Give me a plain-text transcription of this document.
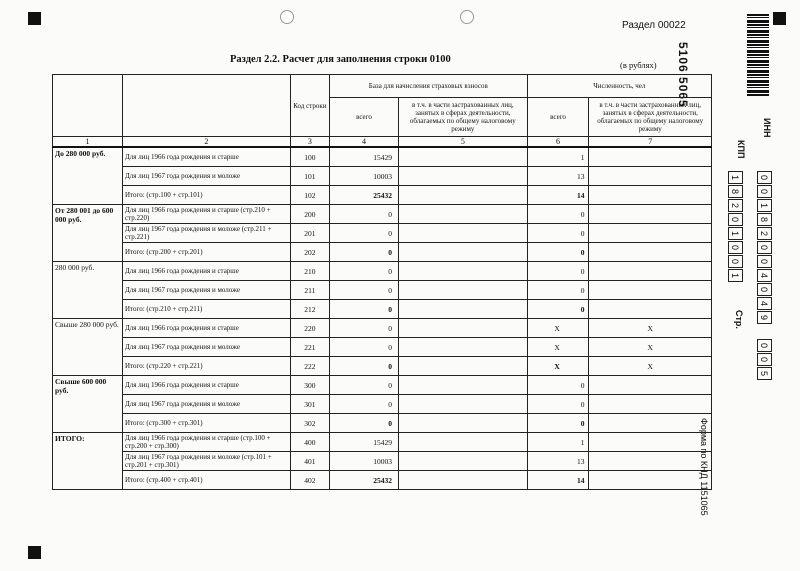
Раздел 00022
5106 5065
Раздел 2.2. Расчет для заполнения строки 0100	(в рублях)
ИНН
0
0
1
8
2
0
0
4
0
4
9
КПП
1
8
2
0
1
0
0
1
Стр.
0
0
5
Форма по КНД 1151065
		Код строки	База для начисления страховых взносов		Численность, чел	
			всего	в т.ч. в части застрахованных лиц, занятых в сферах деятельности, облагаемых по общему налоговому режиму	всего	в т.ч. в части застрахованных лиц, занятых в сферах деятельности, облагаемых по общему налоговому режиму
1	2	3	4	5	6	7
До 280 000 руб.	Для лиц 1966 года рождения и старше	100	15429		1	
	Для лиц 1967 года рождения и моложе	101	10003		13	
	Итого: (стр.100 + стр.101)	102	25432		14	
От 280 001 до 600 000 руб.	Для лиц 1966 года рождения и старше (стр.210 + стр.220)	200	0		0	
	Для лиц 1967 года рождения и моложе (стр.211 + стр.221)	201	0		0	
	Итого: (стр.200 + стр.201)	202	0		0	
280 000 руб.	Для лиц 1966 года рождения и старше	210	0		0	
	Для лиц 1967 года рождения и моложе	211	0		0	
	Итого: (стр.210 + стр.211)	212	0		0	
Свыше 280 000 руб.	Для лиц 1966 года рождения и старше	220	0		X	X
	Для лиц 1967 года рождения и моложе	221	0		X	X
	Итого: (стр.220 + стр.221)	222	0		X	X
Свыше 600 000 руб.	Для лиц 1966 года рождения и старше	300	0		0	
	Для лиц 1967 года рождения и моложе	301	0		0	
	Итого: (стр.300 + стр.301)	302	0		0	
ИТОГО:	Для лиц 1966 года рождения и старше (стр.100 + стр.200 + стр.300)	400	15429		1	
	Для лиц 1967 года рождения и моложе (стр.101 + стр.201 + стр.301)	401	10003		13	
	Итого: (стр.400 + стр.401)	402	25432		14	
